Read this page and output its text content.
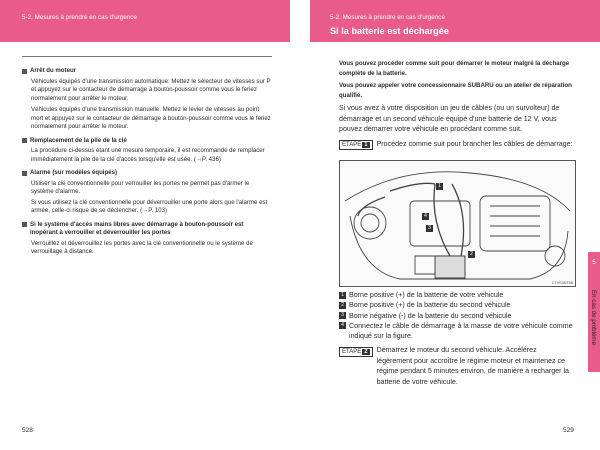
5-2. Mesures à prendre en cas d'urgence	5-2. Mesures à prendre en cas d'urgence
Si la batterie est déchargée
Arrêt du moteur

Véhicules équipés d'une transmission automatique: Mettez le sélecteur de vitesses sur P et appuyez sur le contacteur de démarrage à bouton-poussoir comme vous le feriez normalement pour arrêter le moteur.

Véhicules équipés d'une transmission manuelle: Mettez le levier de vitesses au point mort et appuyez sur le contacteur de démarrage à bouton-poussoir comme vous le feriez normalement pour arrêter le moteur.

Remplacement de la pile de la clé

La procédure ci-dessus étant une mesure temporaire, il est recommandé de remplacer immédiatement la pile de la clé d'accès lorsqu'elle est usée. (→P. 436)

Alarme (sur modèles équipés)

Utiliser la clé conventionnelle pour verrouiller les portes ne permet pas d'armer le système d'alarme.

Si vous utilisez la clé conventionnelle pour déverrouiller une porte alors que l'alarme est armée, celle-ci risque de se déclencher. (→P. 103)

Si le système d'accès mains libres avec démarrage à bouton-poussoir est inopérant à verrouiller et déverrouiller les portes

Verrouillez et déverrouillez les portes avec la clé conventionnelle ou le système de verrouillage à distance.

Vous pouvez procéder comme suit pour démarrer le moteur malgré la décharge complète de la batterie.
Vous pouvez appeler votre concessionnaire SUBARU ou un atelier de réparation qualifié.
Si vous avez à votre disposition un jeu de câbles (ou un survolteur) de démarrage et un second véhicule équipé d'une batterie de 12 V, vous pouvez démarrer votre véhicule en procédant comme suit.
ÉTAPE 1	Procédez comme suit pour brancher les câbles de démarrage:
1
4
3
2
CTHS0NT5B
1 Borne positive (+) de la batterie de votre véhicule
2 Borne positive (+) de la batterie du second véhicule
3 Borne négative (-) de la batterie du second véhicule
4 Connectez le câble de démarrage à la masse de votre véhicule comme indiqué sur la figure.
ÉTAPE 2	Démarrez le moteur du second véhicule. Accélérez légèrement pour accroître le régime moteur et maintenez ce régime pendant 5 minutes environ, de manière à recharger la batterie de votre véhicule.
5
En cas de problème
528	529
